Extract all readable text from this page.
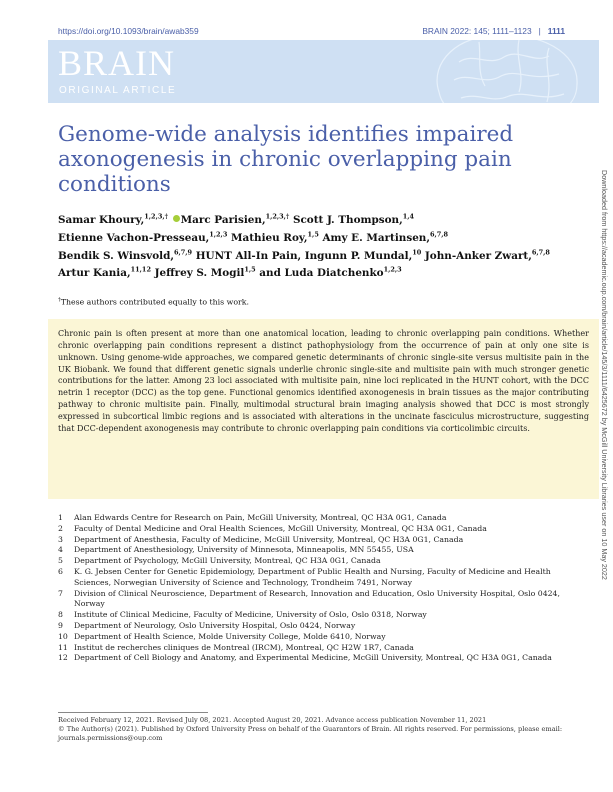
https://doi.org/10.1093/brain/awab359	BRAIN 2022: 145; 1111–1123   |   1111
BRAIN
ORIGINAL ARTICLE
Downloaded from https://academic.oup.com/brain/article/145/3/1111/6425672 by McGill University Libraries user on 10 May 2022
Genome-wide analysis identifies impaired axonogenesis in chronic overlapping pain conditions
Samar Khoury,$^{1,2,3,\dagger}$ Marc Parisien,$^{1,2,3,\dagger}$ Scott J. Thompson,$^{1,4}$
Etienne Vachon-Presseau,$^{1,2,3}$ Mathieu Roy,$^{1,5}$ Amy E. Martinsen,$^{6,7,8}$
Bendik S. Winsvold,$^{6,7,9}$ HUNT All-In Pain, Ingunn P. Mundal,$^{10}$ John-Anker Zwart,$^{6,7,8}$
Artur Kania,$^{11,12}$ Jeffrey S. Mogil$^{1,5}$ and Luda Diatchenko$^{1,2,3}$
†These authors contributed equally to this work.
Chronic pain is often present at more than one anatomical location, leading to chronic overlapping pain conditions. Whether chronic overlapping pain conditions represent a distinct pathophysiology from the occurrence of pain at only one site is unknown. Using genome-wide approaches, we compared genetic determinants of chronic single-site versus multisite pain in the UK Biobank. We found that different genetic signals underlie chronic single-site and multisite pain with much stronger genetic contributions for the latter. Among 23 loci associated with multisite pain, nine loci replicated in the HUNT cohort, with the DCC netrin 1 receptor (DCC) as the top gene. Functional genomics identified axonogenesis in brain tissues as the major contributing pathway to chronic multisite pain. Finally, multimodal structural brain imaging analysis showed that DCC is most strongly expressed in subcortical limbic regions and is associated with alterations in the uncinate fasciculus microstructure, suggesting that DCC-dependent axonogenesis may contribute to chronic overlapping pain conditions via corticolimbic circuits.
1	Alan Edwards Centre for Research on Pain, McGill University, Montreal, QC H3A 0G1, Canada
2	Faculty of Dental Medicine and Oral Health Sciences, McGill University, Montreal, QC H3A 0G1, Canada
3	Department of Anesthesia, Faculty of Medicine, McGill University, Montreal, QC H3A 0G1, Canada
4	Department of Anesthesiology, University of Minnesota, Minneapolis, MN 55455, USA
5	Department of Psychology, McGill University, Montreal, QC H3A 0G1, Canada
6	K. G. Jebsen Center for Genetic Epidemiology, Department of Public Health and Nursing, Faculty of Medicine and Health Sciences, Norwegian University of Science and Technology, Trondheim 7491, Norway
7	Division of Clinical Neuroscience, Department of Research, Innovation and Education, Oslo University Hospital, Oslo 0424, Norway
8	Institute of Clinical Medicine, Faculty of Medicine, University of Oslo, Oslo 0318, Norway
9	Department of Neurology, Oslo University Hospital, Oslo 0424, Norway
10 Department of Health Science, Molde University College, Molde 6410, Norway
11 Institut de recherches cliniques de Montreal (IRCM), Montreal, QC H2W 1R7, Canada
12 Department of Cell Biology and Anatomy, and Experimental Medicine, McGill University, Montreal, QC H3A 0G1, Canada
Received February 12, 2021. Revised July 08, 2021. Accepted August 20, 2021. Advance access publication November 11, 2021
© The Author(s) (2021). Published by Oxford University Press on behalf of the Guarantors of Brain. All rights reserved. For permissions, please email: journals.permissions@oup.com
